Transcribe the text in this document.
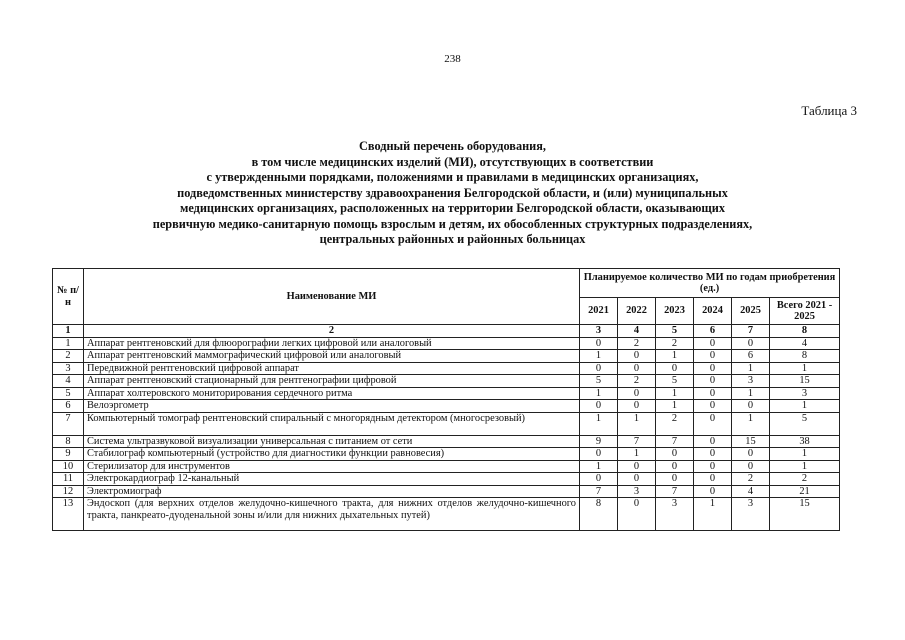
238
Таблица 3
Сводный перечень оборудования,
в том числе медицинских изделий (МИ), отсутствующих в соответствии
с утвержденными порядками, положениями и правилами в медицинских организациях,
подведомственных министерству здравоохранения Белгородской области, и (или) муниципальных
медицинских организациях, расположенных на территории Белгородской области, оказывающих
первичную медико-санитарную помощь взрослым и детям, их обособленных структурных подразделениях,
центральных районных и районных больницах
№ п/н	Наименование МИ	Планируемое количество МИ по годам приобретения (ед.)					
		2021	2022	2023	2024	2025	Всего 2021 - 2025
1	2	3	4	5	6	7	8
1	Аппарат рентгеновский для флюорографии легких цифровой или аналоговый	0	2	2	0	0	4
2	Аппарат рентгеновский маммографический цифровой или аналоговый	1	0	1	0	6	8
3	Передвижной рентгеновский цифровой аппарат	0	0	0	0	1	1
4	Аппарат рентгеновский стационарный для рентгенографии цифровой	5	2	5	0	3	15
5	Аппарат холтеровского мониторирования сердечного ритма	1	0	1	0	1	3
6	Велоэргометр	0	0	1	0	0	1
7	Компьютерный томограф рентгеновский спиральный с многорядным детектором (многосрезовый)	1	1	2	0	1	5
8	Система ультразвуковой визуализации универсальная с питанием от сети	9	7	7	0	15	38
9	Стабилограф компьютерный (устройство для диагностики функции равновесия)	0	1	0	0	0	1
10	Стерилизатор для инструментов	1	0	0	0	0	1
11	Электрокардиограф 12-канальный	0	0	0	0	2	2
12	Электромиограф	7	3	7	0	4	21
13	Эндоскоп (для верхних отделов желудочно-кишечного тракта, для нижних отделов желудочно-кишечного тракта, панкреато-дуоденальной зоны и/или для нижних дыхательных путей)	8	0	3	1	3	15
